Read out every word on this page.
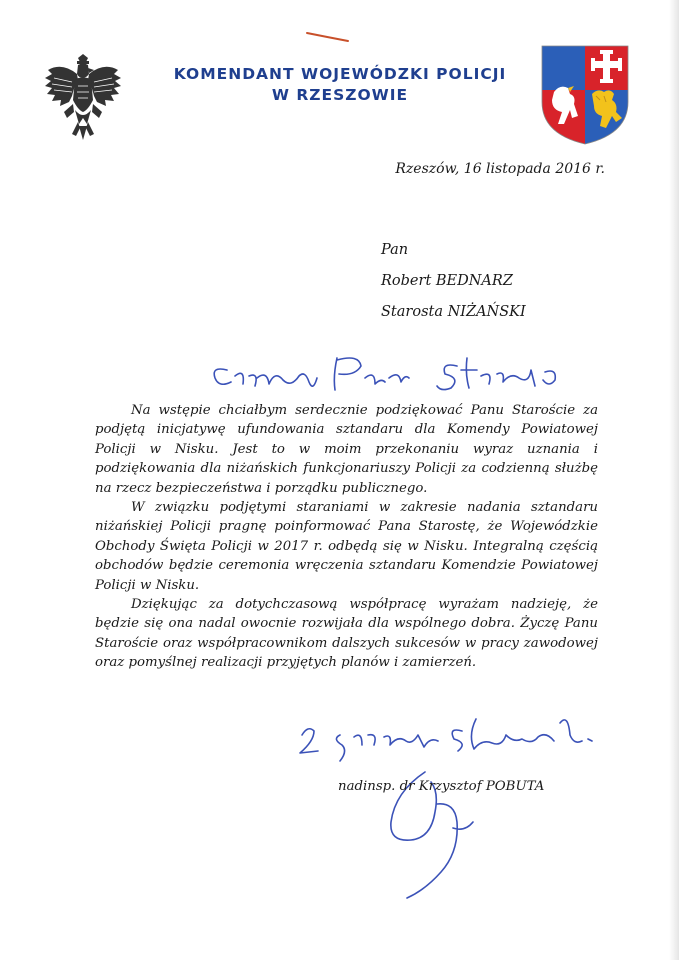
KOMENDANT WOJEWÓDZKI POLICJI
W RZESZOWIE
Rzeszów, 16 listopada 2016 r.
Pan
Robert BEDNARZ
Starosta NIŻAŃSKI

Na wstępie chciałbym serdecznie podziękować Panu Staroście za podjętą inicjatywę ufundowania sztandaru dla Komendy Powiatowej Policji w Nisku. Jest to w moim przekonaniu wyraz uznania i podziękowania dla niżańskich funkcjonariuszy Policji za codzienną służbę na rzecz bezpieczeństwa i porządku publicznego.

W związku podjętymi staraniami w zakresie nadania sztandaru niżańskiej Policji pragnę poinformować Pana Starostę, że Wojewódzkie Obchody Święta Policji w 2017 r. odbędą się w Nisku. Integralną częścią obchodów będzie ceremonia wręczenia sztandaru Komendzie Powiatowej Policji w Nisku.

Dziękując za dotychczasową współpracę wyrażam nadzieję, że będzie się ona nadal owocnie rozwijała dla wspólnego dobra. Życzę Panu Staroście oraz współpracownikom dalszych sukcesów w pracy zawodowej oraz pomyślnej realizacji przyjętych planów i zamierzeń.

nadinsp. dr Krzysztof POBUTA
